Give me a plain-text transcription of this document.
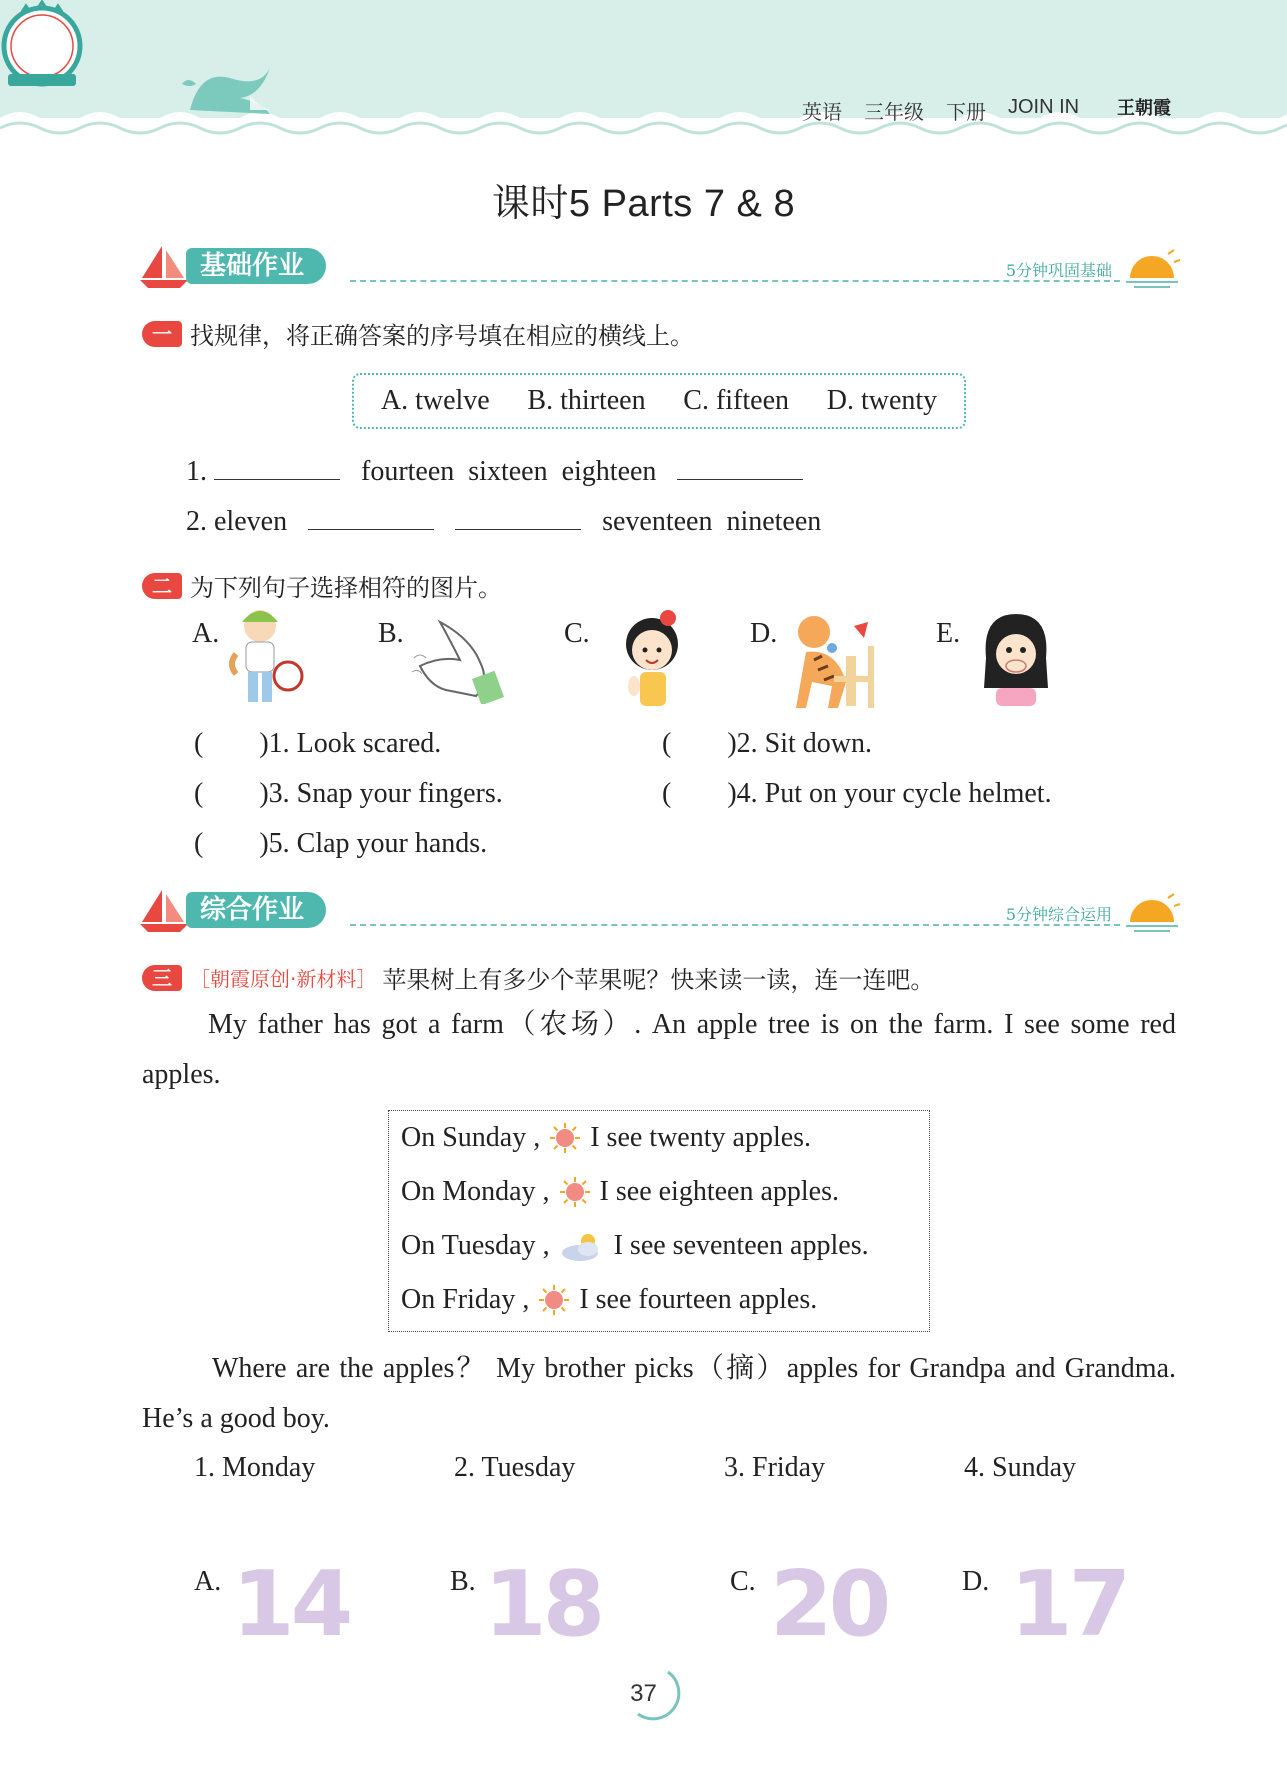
英语 三年级 下册 JOIN IN 王朝霞
课时5 Parts 7 & 8
基础作业	5分钟巩固基础
一 找规律，将正确答案的序号填在相应的横线上。
A. twelve B. thirteen C. fifteen D. twenty
1.	fourteen  sixteen  eighteen
2. eleven	seventeen  nineteen
二 为下列句子选择相符的图片。
A.	B.	C.	D.	E.
(        )1. Look scared.	(        )2. Sit down.
(        )3. Snap your fingers.	(        )4. Put on your cycle helmet.
(        )5. Clap your hands.
综合作业	5分钟综合运用
三 ［朝霞原创·新材料］ 苹果树上有多少个苹果呢？快来读一读，连一连吧。
My father has got a farm（农场）. An apple tree is on the farm. I see some red apples.
On Sunday , I see twenty apples.
On Monday , I see eighteen apples.
On Tuesday , I see seventeen apples.
On Friday , I see fourteen apples.
Where are the apples？ My brother picks（摘）apples for Grandpa and Grandma. He’s a good boy.
1. Monday	2. Tuesday	3. Friday	4. Sunday
A. 14	B. 18	C. 20	D. 17
37
